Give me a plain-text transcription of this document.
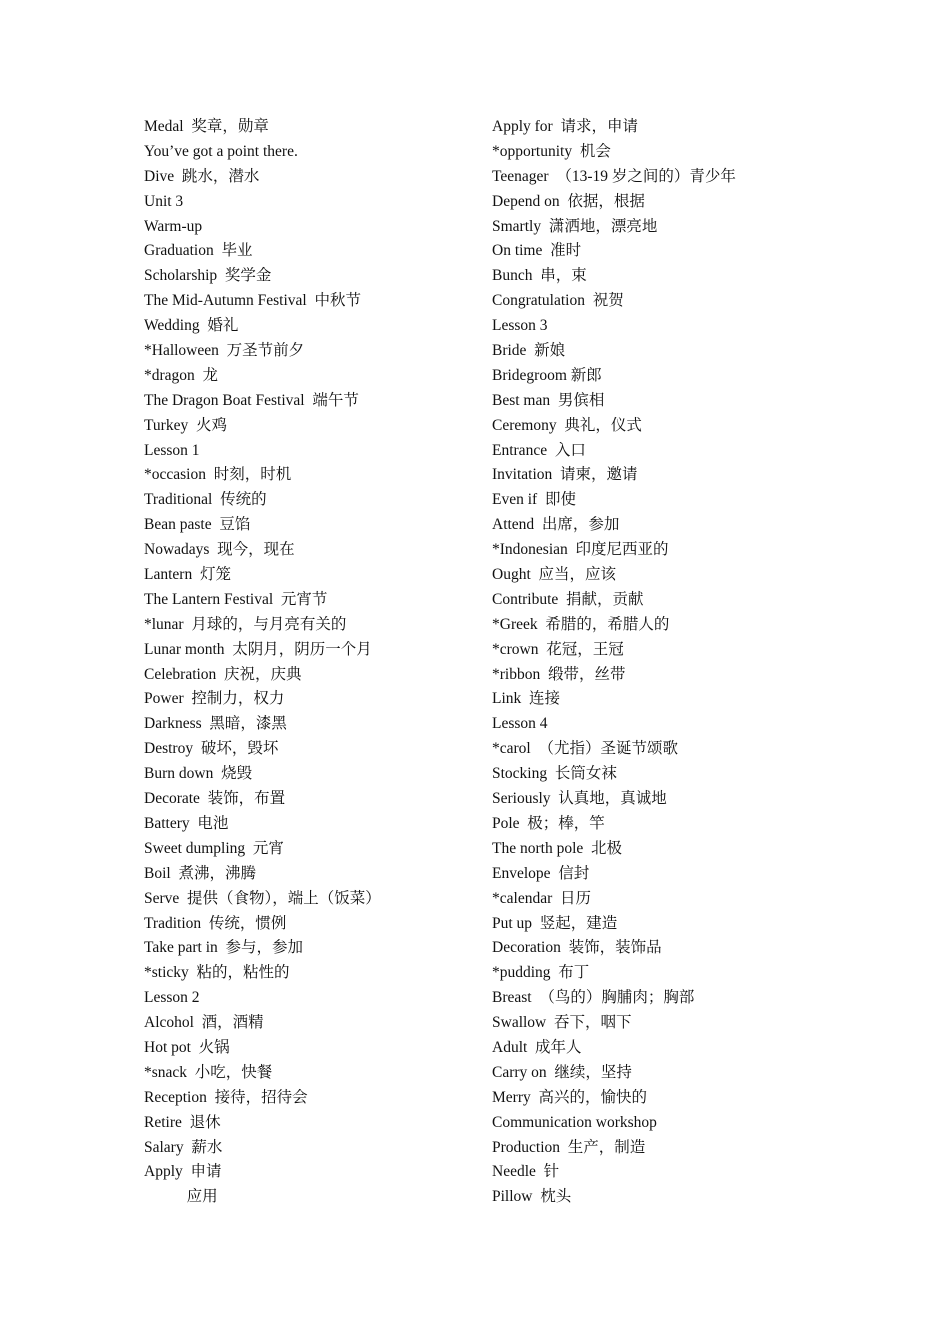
Medal  奖章，勋章
You’ve got a point there.
Dive  跳水，潜水
Unit 3
Warm-up
Graduation  毕业
Scholarship  奖学金
The Mid-Autumn Festival  中秋节
Wedding  婚礼
*Halloween  万圣节前夕
*dragon  龙
The Dragon Boat Festival  端午节
Turkey  火鸡
Lesson 1
*occasion  时刻，时机
Traditional  传统的
Bean paste  豆馅
Nowadays  现今，现在
Lantern  灯笼
The Lantern Festival  元宵节
*lunar  月球的，与月亮有关的
Lunar month  太阴月，阴历一个月
Celebration  庆祝，庆典
Power  控制力，权力
Darkness  黑暗，漆黑
Destroy  破坏，毁坏
Burn down  烧毁
Decorate  装饰，布置
Battery  电池
Sweet dumpling  元宵
Boil  煮沸，沸腾
Serve  提供（食物），端上（饭菜）
Tradition  传统，惯例
Take part in  参与，参加
*sticky  粘的，粘性的
Lesson 2
Alcohol  酒，酒精
Hot pot  火锅
*snack  小吃，快餐
Reception  接待，招待会
Retire  退休
Salary  薪水
Apply  申请
应用
Apply for  请求，申请
*opportunity  机会
Teenager  （13-19 岁之间的）青少年
Depend on  依据，根据
Smartly  潇洒地，漂亮地
On time  准时
Bunch  串，束
Congratulation  祝贺
Lesson 3
Bride  新娘
Bridegroom 新郎
Best man  男傧相
Ceremony  典礼，仪式
Entrance  入口
Invitation  请柬，邀请
Even if  即使
Attend  出席，参加
*Indonesian  印度尼西亚的
Ought  应当，应该
Contribute  捐献，贡献
*Greek  希腊的，希腊人的
*crown  花冠，王冠
*ribbon  缎带，丝带
Link  连接
Lesson 4
*carol  （尤指）圣诞节颂歌
Stocking  长筒女袜
Seriously  认真地，真诚地
Pole  极；棒，竿
The north pole  北极
Envelope  信封
*calendar  日历
Put up  竖起，建造
Decoration  装饰，装饰品
*pudding  布丁
Breast  （鸟的）胸脯肉；胸部
Swallow  吞下，咽下
Adult  成年人
Carry on  继续，坚持
Merry  高兴的，愉快的
Communication workshop
Production  生产，制造
Needle  针
Pillow  枕头
